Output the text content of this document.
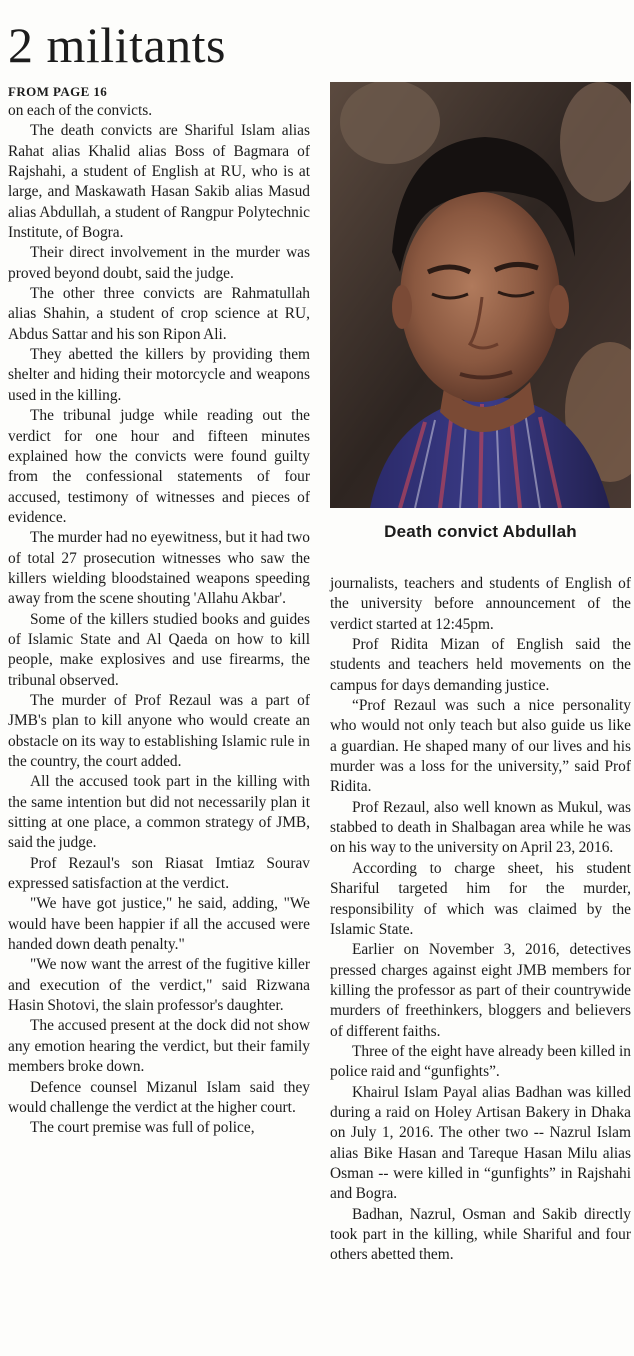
2 militants
FROM PAGE 16

on each of the convicts.

The death convicts are Shariful Islam alias Rahat alias Khalid alias Boss of Bagmara of Rajshahi, a student of English at RU, who is at large, and Maskawath Hasan Sakib alias Masud alias Abdullah, a student of Rangpur Polytechnic Institute, of Bogra.

Their direct involvement in the murder was proved beyond doubt, said the judge.

The other three convicts are Rahmatullah alias Shahin, a student of crop science at RU, Abdus Sattar and his son Ripon Ali.

They abetted the killers by providing them shelter and hiding their motorcycle and weapons used in the killing.

The tribunal judge while reading out the verdict for one hour and fifteen minutes explained how the convicts were found guilty from the confessional statements of four accused, testimony of witnesses and pieces of evidence.

The murder had no eyewitness, but it had two of total 27 prosecution witnesses who saw the killers wielding bloodstained weapons speeding away from the scene shouting 'Allahu Akbar'.

Some of the killers studied books and guides of Islamic State and Al Qaeda on how to kill people, make explosives and use firearms, the tribunal observed.

The murder of Prof Rezaul was a part of JMB's plan to kill anyone who would create an obstacle on its way to establishing Islamic rule in the country, the court added.

All the accused took part in the killing with the same intention but did not necessarily plan it sitting at one place, a common strategy of JMB, said the judge.

Prof Rezaul's son Riasat Imtiaz Sourav expressed satisfaction at the verdict.

"We have got justice," he said, adding, "We would have been happier if all the accused were handed down death penalty."

"We now want the arrest of the fugitive killer and execution of the verdict," said Rizwana Hasin Shotovi, the slain professor's daughter.

The accused present at the dock did not show any emotion hearing the verdict, but their family members broke down.

Defence counsel Mizanul Islam said they would challenge the verdict at the higher court.

The court premise was full of police,

Death convict Abdullah

journalists, teachers and students of English of the university before announcement of the verdict started at 12:45pm.

Prof Ridita Mizan of English said the students and teachers held movements on the campus for days demanding justice.

“Prof Rezaul was such a nice personality who would not only teach but also guide us like a guardian. He shaped many of our lives and his murder was a loss for the university,” said Prof Ridita.

Prof Rezaul, also well known as Mukul, was stabbed to death in Shalbagan area while he was on his way to the university on April 23, 2016.

According to charge sheet, his student Shariful targeted him for the murder, responsibility of which was claimed by the Islamic State.

Earlier on November 3, 2016, detectives pressed charges against eight JMB members for killing the professor as part of their countrywide murders of freethinkers, bloggers and believers of different faiths.

Three of the eight have already been killed in police raid and “gunfights”.

Khairul Islam Payal alias Badhan was killed during a raid on Holey Artisan Bakery in Dhaka on July 1, 2016. The other two -- Nazrul Islam alias Bike Hasan and Tareque Hasan Milu alias Osman -- were killed in “gunfights” in Rajshahi and Bogra.

Badhan, Nazrul, Osman and Sakib directly took part in the killing, while Shariful and four others abetted them.
